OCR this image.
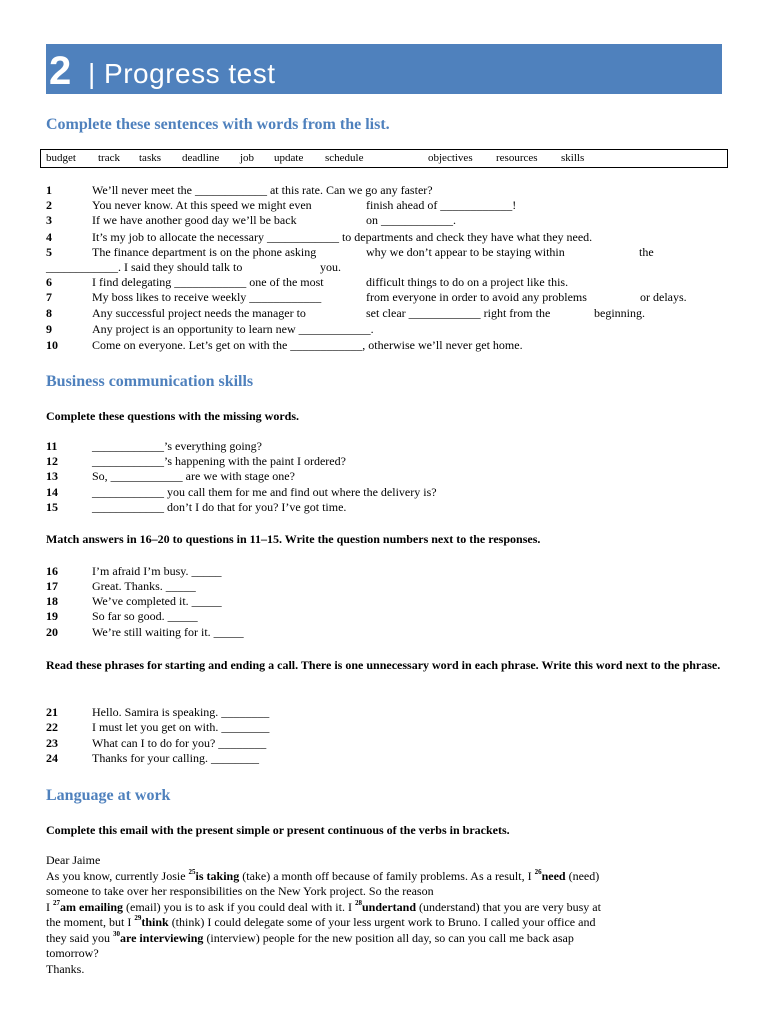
2 | Progress test
Complete these sentences with words from the list.
budget track tasks deadline job update schedule	objectives resources skills
1	We’ll never meet the ____________ at this rate. Can we go any faster?
2	You never know. At this speed we might even	finish ahead of ____________!
3	If we have another good day we’ll be back	on ____________.
4	It’s my job to allocate the necessary ____________ to departments and check they have what they need.
5	The finance department is on the phone asking	why we don’t appear to be staying within	the
____________. I said they should talk to	you.
6	I find delegating ____________ one of the most	difficult things to do on a project like this.
7	My boss likes to receive weekly ____________	from everyone in order to avoid any problems	or delays.
8	Any successful project needs the manager to	set clear ____________ right from the	beginning.
9	Any project is an opportunity to learn new ____________.
10	Come on everyone. Let’s get on with the ____________, otherwise we’ll never get home.
Business communication skills
Complete these questions with the missing words.
11	____________’s everything going?
12	____________’s happening with the paint I ordered?
13	So, ____________ are we with stage one?
14	____________ you call them for me and find out where the delivery is?
15	____________ don’t I do that for you? I’ve got time.
Match answers in 16–20 to questions in 11–15. Write the question numbers next to the responses.
16	I’m afraid I’m busy. _____
17	Great. Thanks. _____
18	We’ve completed it. _____
19	So far so good. _____
20	We’re still waiting for it. _____
Read these phrases for starting and ending a call. There is one unnecessary word in each phrase. Write this word next to the phrase.
21	Hello. Samira is speaking. ________
22	I must let you get on with. ________
23	What can I to do for you? ________
24	Thanks for your calling. ________
Language at work
Complete this email with the present simple or present continuous of the verbs in brackets.

Dear Jaime

As you know, currently Josie $^{25}$is taking (take) a month off because of family problems. As a result, I $^{26}$need (need)

someone to take over her responsibilities on the New York project. So the reason

I $^{27}$am emailing (email) you is to ask if you could deal with it. I $^{28}$undertand (understand) that you are very busy at

the moment, but I $^{29}$think (think) I could delegate some of your less urgent work to Bruno. I called your office and

they said you $^{30}$are interviewing (interview) people for the new position all day, so can you call me back asap

tomorrow?

Thanks.
